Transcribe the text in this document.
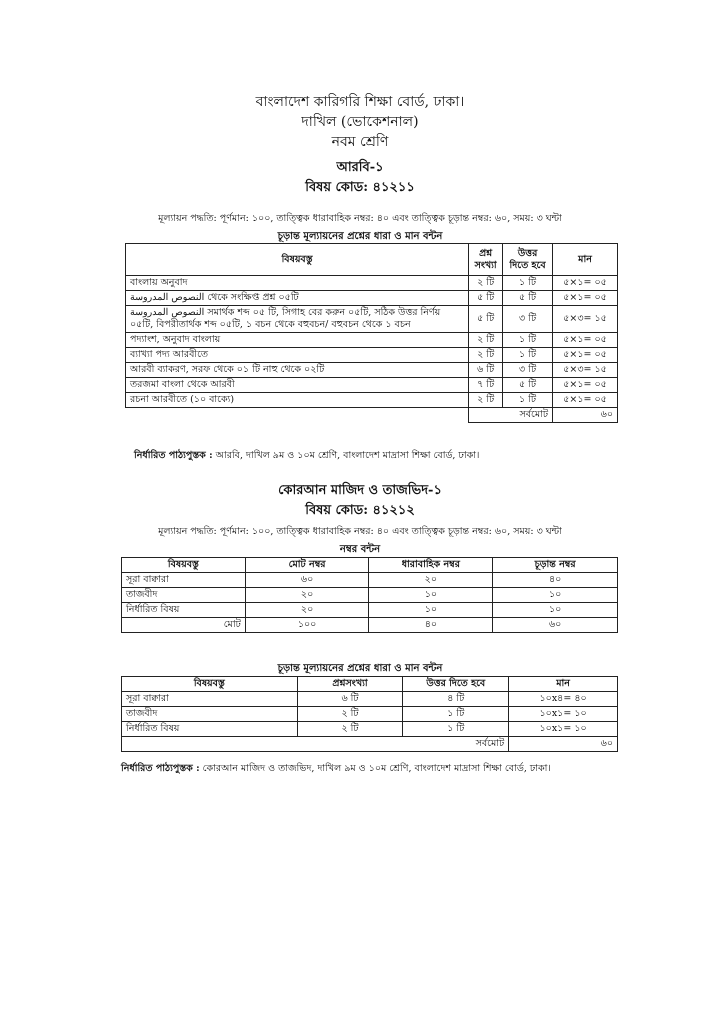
বাংলাদেশ কারিগরি শিক্ষা বোর্ড, ঢাকা।
দাখিল (ভোকেশনাল)
নবম শ্রেণি
আরবি-১
বিষয় কোড: ৪১২১১
মূল্যায়ন পদ্ধতি: পূর্ণমান: ১০০, তাত্ত্বিক ধারাবাহিক নম্বর: ৪০ এবং তাত্ত্বিক চূড়ান্ত নম্বর: ৬০, সময়: ৩ ঘন্টা
চূড়ান্ত মূল্যায়নের প্রশ্নের ধারা ও মান বন্টন
বিষয়বস্তু	প্রশ্ন সংখ্যা	উত্তর দিতে হবে	মান
বাংলায় অনুবাদ	২ টি	১ টি	৫×১= ০৫
النصوص المدروسة থেকে সংক্ষিপ্ত প্রশ্ন ০৫টি	৫ টি	৫ টি	৫×১= ০৫
النصوص المدروسة সমার্থক শব্দ ০৫ টি, সিগাহ বের করুন ০৫টি, সঠিক উত্তর নির্ণয় ০৫টি, বিপরীতার্থক শব্দ ০৫টি, ১ বচন থেকে বহুবচন/ বহুবচন থেকে ১ বচন	৫ টি	৩ টি	৫×৩= ১৫
পদ্যাংশ, অনুবাদ বাংলায়	২ টি	১ টি	৫×১= ০৫
ব্যাখ্যা পদ্য আরবীতে	২ টি	১ টি	৫×১= ০৫
আরবী ব্যাকরণ, সরফ থেকে ০১ টি নাহু থেকে ০২টি	৬ টি	৩ টি	৫×৩= ১৫
তরজমা বাংলা থেকে আরবী	৭ টি	৫ টি	৫×১= ০৫
রচনা আরবীতে (১০ বাক্যে)	২ টি	১ টি	৫×১= ০৫
	সর্বমোট		৬০
নির্ধারিত পাঠ্যপুস্তক : আরবি, দাখিল ৯ম ও ১০ম শ্রেণি, বাংলাদেশ মাদ্রাসা শিক্ষা বোর্ড, ঢাকা।
কোরআন মাজিদ ও তাজভিদ-১
বিষয় কোড: ৪১২১২
মূল্যায়ন পদ্ধতি: পূর্ণমান: ১০০, তাত্ত্বিক ধারাবাহিক নম্বর: ৪০ এবং তাত্ত্বিক চূড়ান্ত নম্বর: ৬০, সময়: ৩ ঘন্টা
নম্বর বন্টন
বিষয়বস্তু	মোট নম্বর	ধারাবাহিক নম্বর	চূড়ান্ত নম্বর
সূরা বাক্বারা	৬০	২০	৪০
তাজবীদ	২০	১০	১০
নির্ধারিত বিষয়	২০	১০	১০
মোট	১০০	৪০	৬০
চূড়ান্ত মূল্যায়নের প্রশ্নের ধারা ও মান বন্টন
বিষয়বস্তু	প্রশ্নসংখ্যা	উত্তর দিতে হবে	মান
সূরা বাক্বারা	৬ টি	৪ টি	১০x৪= ৪০
তাজবীদ	২ টি	১ টি	১০x১= ১০
নির্ধারিত বিষয়	২ টি	১ টি	১০x১= ১০
সর্বমোট			৬০
নির্ধারিত পাঠ্যপুস্তক : কোরআন মাজিদ ও তাজভিদ, দাখিল ৯ম ও ১০ম শ্রেণি, বাংলাদেশ মাদ্রাসা শিক্ষা বোর্ড, ঢাকা।
